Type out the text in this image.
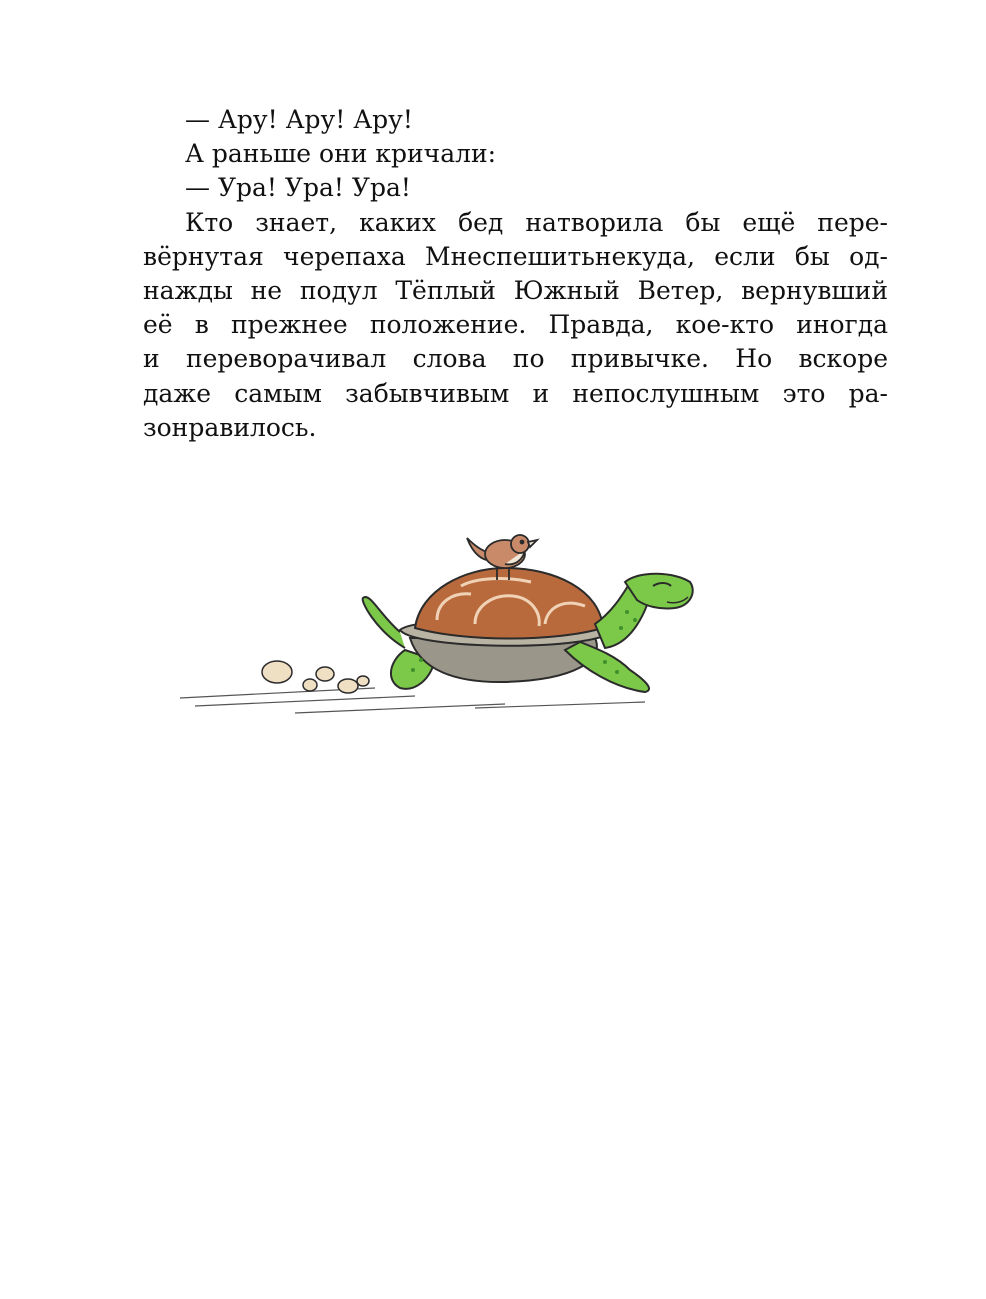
— Ару! Ару! Ару!
А раньше они кричали:
— Ура! Ура! Ура!
Кто знает, каких бед натворила бы ещё пере-
вёрнутая черепаха Мнеспешитьнекуда, если бы од-
нажды не подул Тёплый Южный Ветер, вернувший
её в прежнее положение. Правда, кое-кто иногда
и переворачивал слова по привычке. Но вскоре
даже самым забывчивым и непослушным это ра-
зонравилось.
